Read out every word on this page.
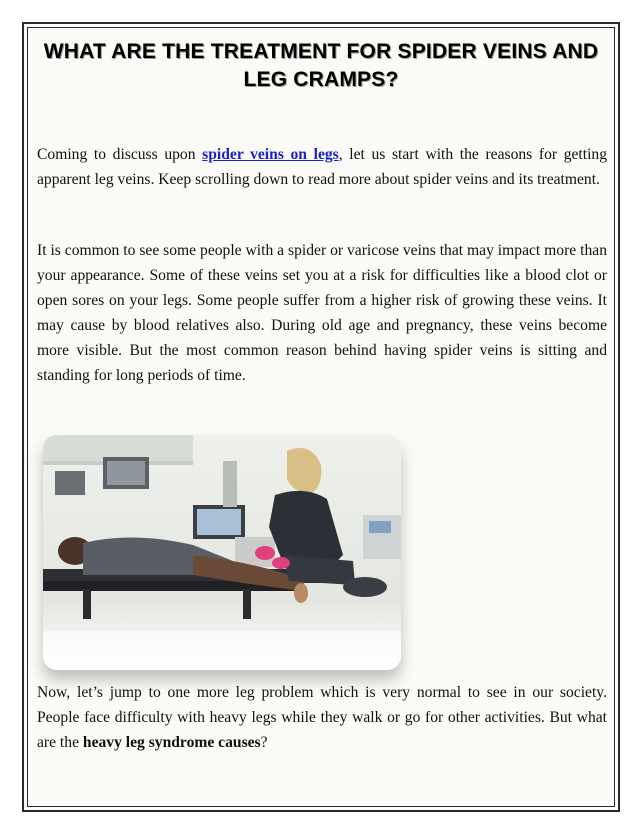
WHAT ARE THE TREATMENT FOR SPIDER VEINS AND LEG CRAMPS?

Coming to discuss upon spider veins on legs, let us start with the reasons for getting apparent leg veins. Keep scrolling down to read more about spider veins and its treatment.

It is common to see some people with a spider or varicose veins that may impact more than your appearance. Some of these veins set you at a risk for difficulties like a blood clot or open sores on your legs. Some people suffer from a higher risk of growing these veins. It may cause by blood relatives also. During old age and pregnancy, these veins become more visible. But the most common reason behind having spider veins is sitting and standing for long periods of time.

Now, let’s jump to one more leg problem which is very normal to see in our society. People face difficulty with heavy legs while they walk or go for other activities. But what are the heavy leg syndrome causes?
